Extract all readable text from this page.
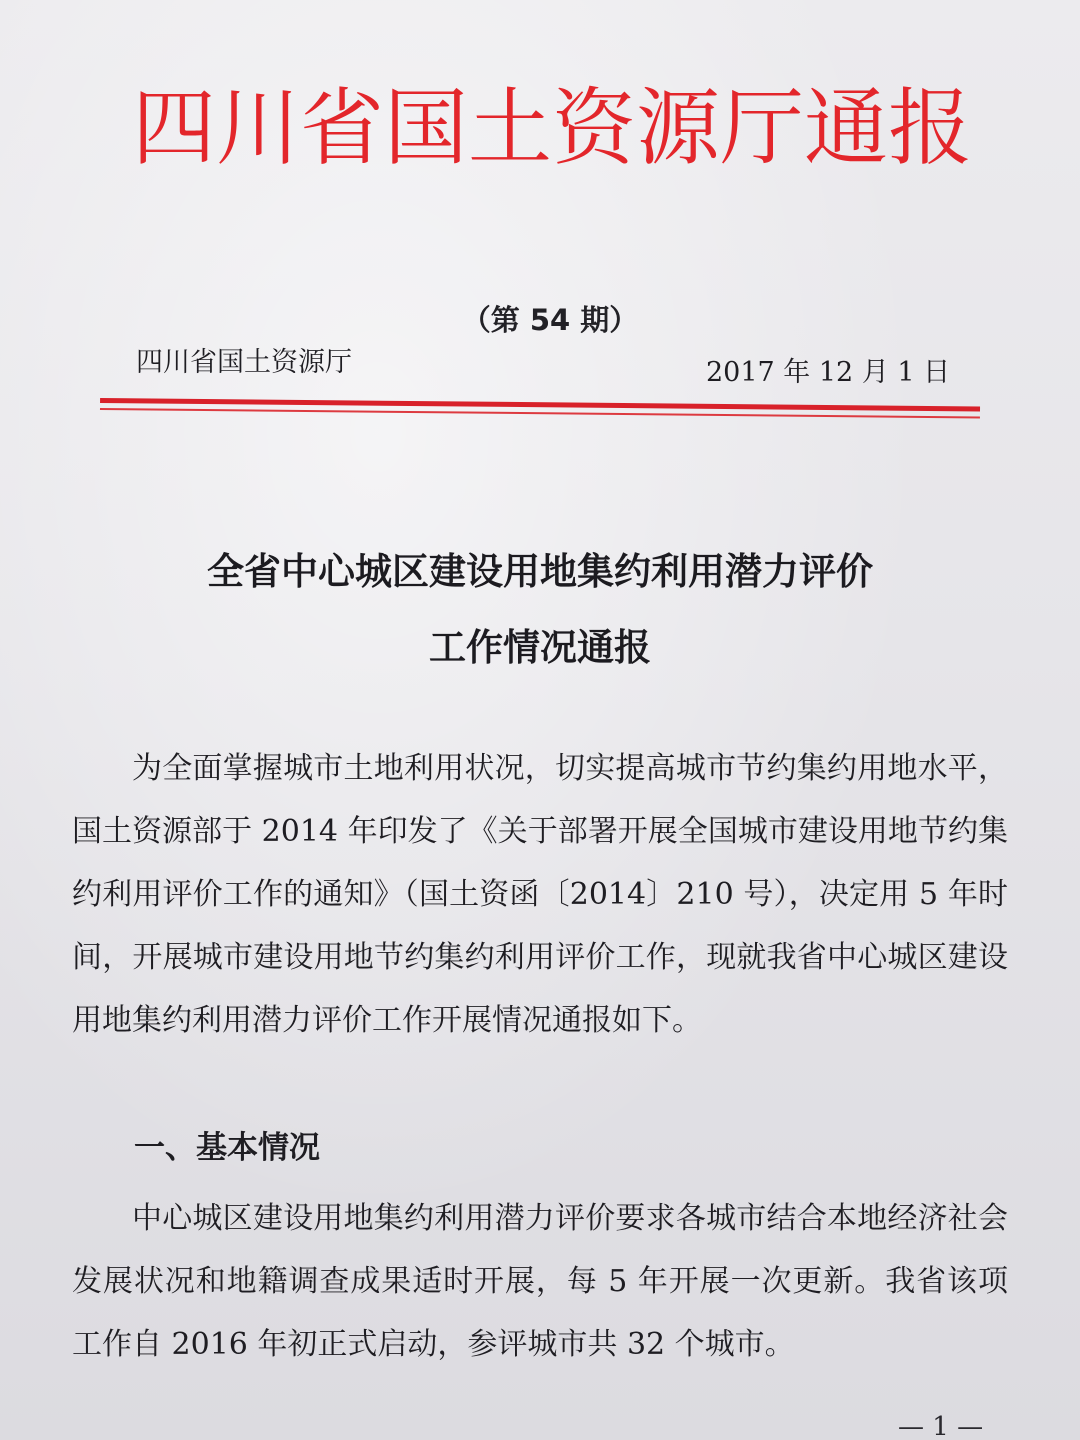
四川省国土资源厅通报
（第 54 期）
四川省国土资源厅	2017 年 12 月 1 日
全省中心城区建设用地集约利用潜力评价
工作情况通报

为全面掌握城市土地利用状况，切实提高城市节约集约用地水平，国土资源部于 2014 年印发了《关于部署开展全国城市建设用地节约集约利用评价工作的通知》（国土资函〔2014〕210 号），决定用 5 年时间，开展城市建设用地节约集约利用评价工作，现就我省中心城区建设用地集约利用潜力评价工作开展情况通报如下。

一、基本情况

中心城区建设用地集约利用潜力评价要求各城市结合本地经济社会发展状况和地籍调查成果适时开展，每 5 年开展一次更新。我省该项工作自 2016 年初正式启动，参评城市共 32 个城市。

— 1 —
